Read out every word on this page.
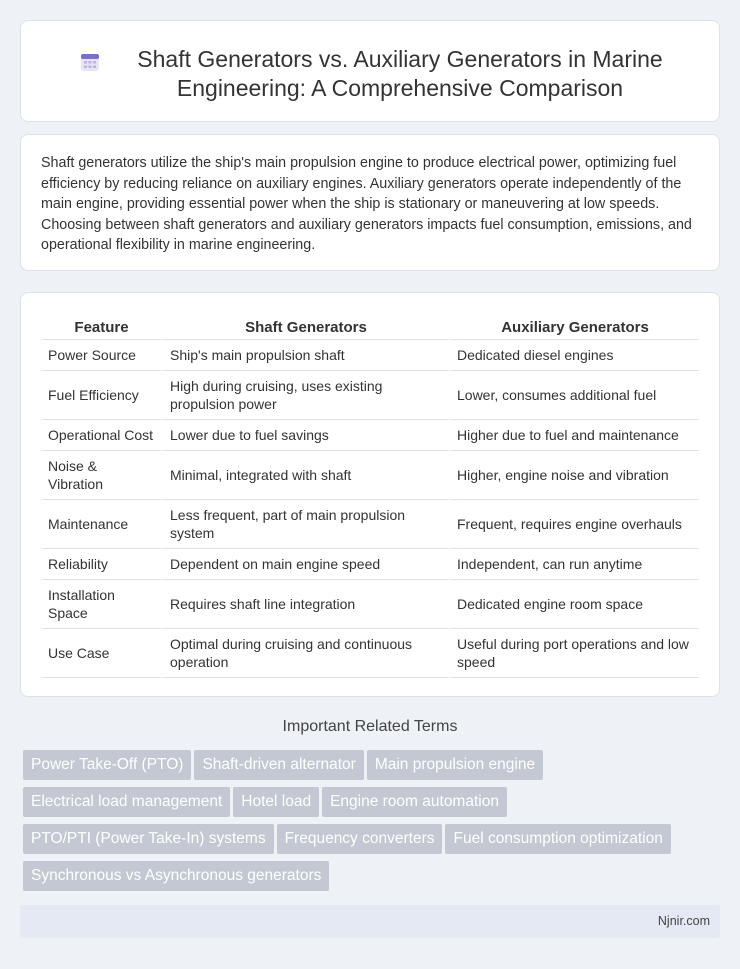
Shaft Generators vs. Auxiliary Generators in Marine Engineering: A Comprehensive Comparison

Shaft generators utilize the ship's main propulsion engine to produce electrical power, optimizing fuel efficiency by reducing reliance on auxiliary engines. Auxiliary generators operate independently of the main engine, providing essential power when the ship is stationary or maneuvering at low speeds. Choosing between shaft generators and auxiliary generators impacts fuel consumption, emissions, and operational flexibility in marine engineering.

Feature	Shaft Generators	Auxiliary Generators
Power Source	Ship's main propulsion shaft	Dedicated diesel engines
Fuel Efficiency	High during cruising, uses existing propulsion power	Lower, consumes additional fuel
Operational Cost	Lower due to fuel savings	Higher due to fuel and maintenance
Noise & Vibration	Minimal, integrated with shaft	Higher, engine noise and vibration
Maintenance	Less frequent, part of main propulsion system	Frequent, requires engine overhauls
Reliability	Dependent on main engine speed	Independent, can run anytime
Installation Space	Requires shaft line integration	Dedicated engine room space
Use Case	Optimal during cruising and continuous operation	Useful during port operations and low speed
Important Related Terms
Power Take-Off (PTO) Shaft-driven alternator Main propulsion engine
Electrical load management Hotel load Engine room automation
PTO/PTI (Power Take-In) systems Frequency converters Fuel consumption optimization
Synchronous vs Asynchronous generators
Njnir.com
